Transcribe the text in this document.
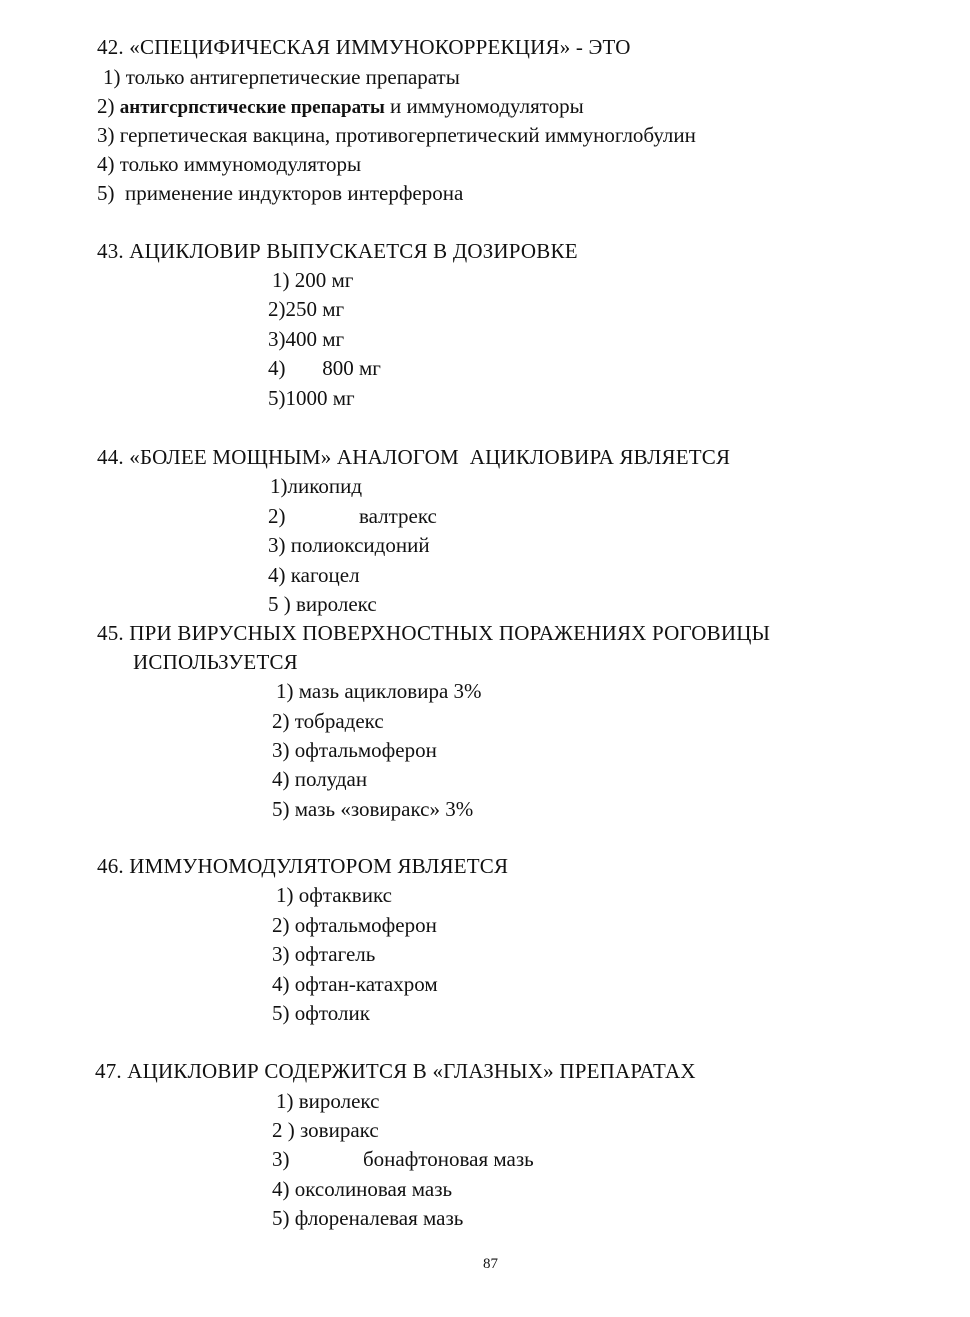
42. «СПЕЦИФИЧЕСКАЯ ИММУНОКОРРЕКЦИЯ» - ЭТО
1) только антигерпетические препараты
2) антигсрпстические препараты и иммуномодуляторы
3) герпетическая вакцина, противогерпетический иммуноглобулин
4) только иммуномодуляторы
5)  применение индукторов интерферона
43. АЦИКЛОВИР ВЫПУСКАЕТСЯ В ДОЗИРОВКЕ
1) 200 мг
2)250 мг
3)400 мг
4)       800 мг
5)1000 мг
44. «БОЛЕЕ МОЩНЫМ» АНАЛОГОМ  АЦИКЛОВИРА ЯВЛЯЕТСЯ
1)ликопид
2)              валтрекс
3) полиоксидоний
4) кагоцел
5 ) виролекс
45. ПРИ ВИРУСНЫХ ПОВЕРХНОСТНЫХ ПОРАЖЕНИЯХ РОГОВИЦЫ
ИСПОЛЬЗУЕТСЯ
1) мазь ацикловира 3%
2) тобрадекс
3) офтальмоферон
4) полудан
5) мазь «зовиракс» 3%
46. ИММУНОМОДУЛЯТОРОМ ЯВЛЯЕТСЯ
1) офтаквикс
2) офтальмоферон
3) офтагель
4) офтан-катахром
5) офтолик
47. АЦИКЛОВИР СОДЕРЖИТСЯ В «ГЛАЗНЫХ» ПРЕПАРАТАХ
1) виролекс
2 ) зовиракс
3)              бонафтоновая мазь
4) оксолиновая мазь
5) флореналевая мазь
87
